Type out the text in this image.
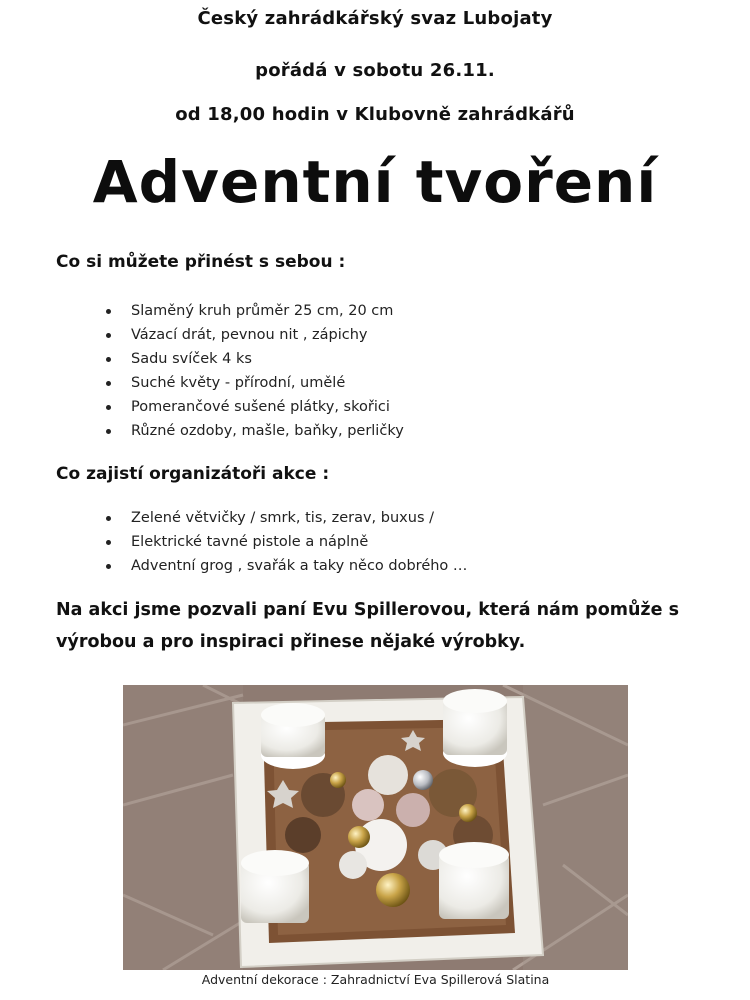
Český zahrádkářský svaz Lubojaty
pořádá v sobotu 26.11.
od 18,00 hodin v Klubovně zahrádkářů
Adventní tvoření
Co si můžete přinést s sebou :
Slaměný kruh průměr 25 cm, 20 cm
Vázací drát, pevnou nit , zápichy
Sadu svíček 4 ks
Suché květy - přírodní, umělé
Pomerančové sušené plátky, skořici
Různé ozdoby, mašle, baňky, perličky
Co zajistí organizátoři akce :
Zelené větvičky / smrk, tis, zerav, buxus /
Elektrické tavné pistole a náplně
Adventní grog , svařák a taky něco dobrého …

Na akci jsme pozvali paní Evu Spillerovou, která nám pomůže s výrobou a pro inspiraci přinese nějaké výrobky.

Adventní dekorace : Zahradnictví Eva Spillerová Slatina
